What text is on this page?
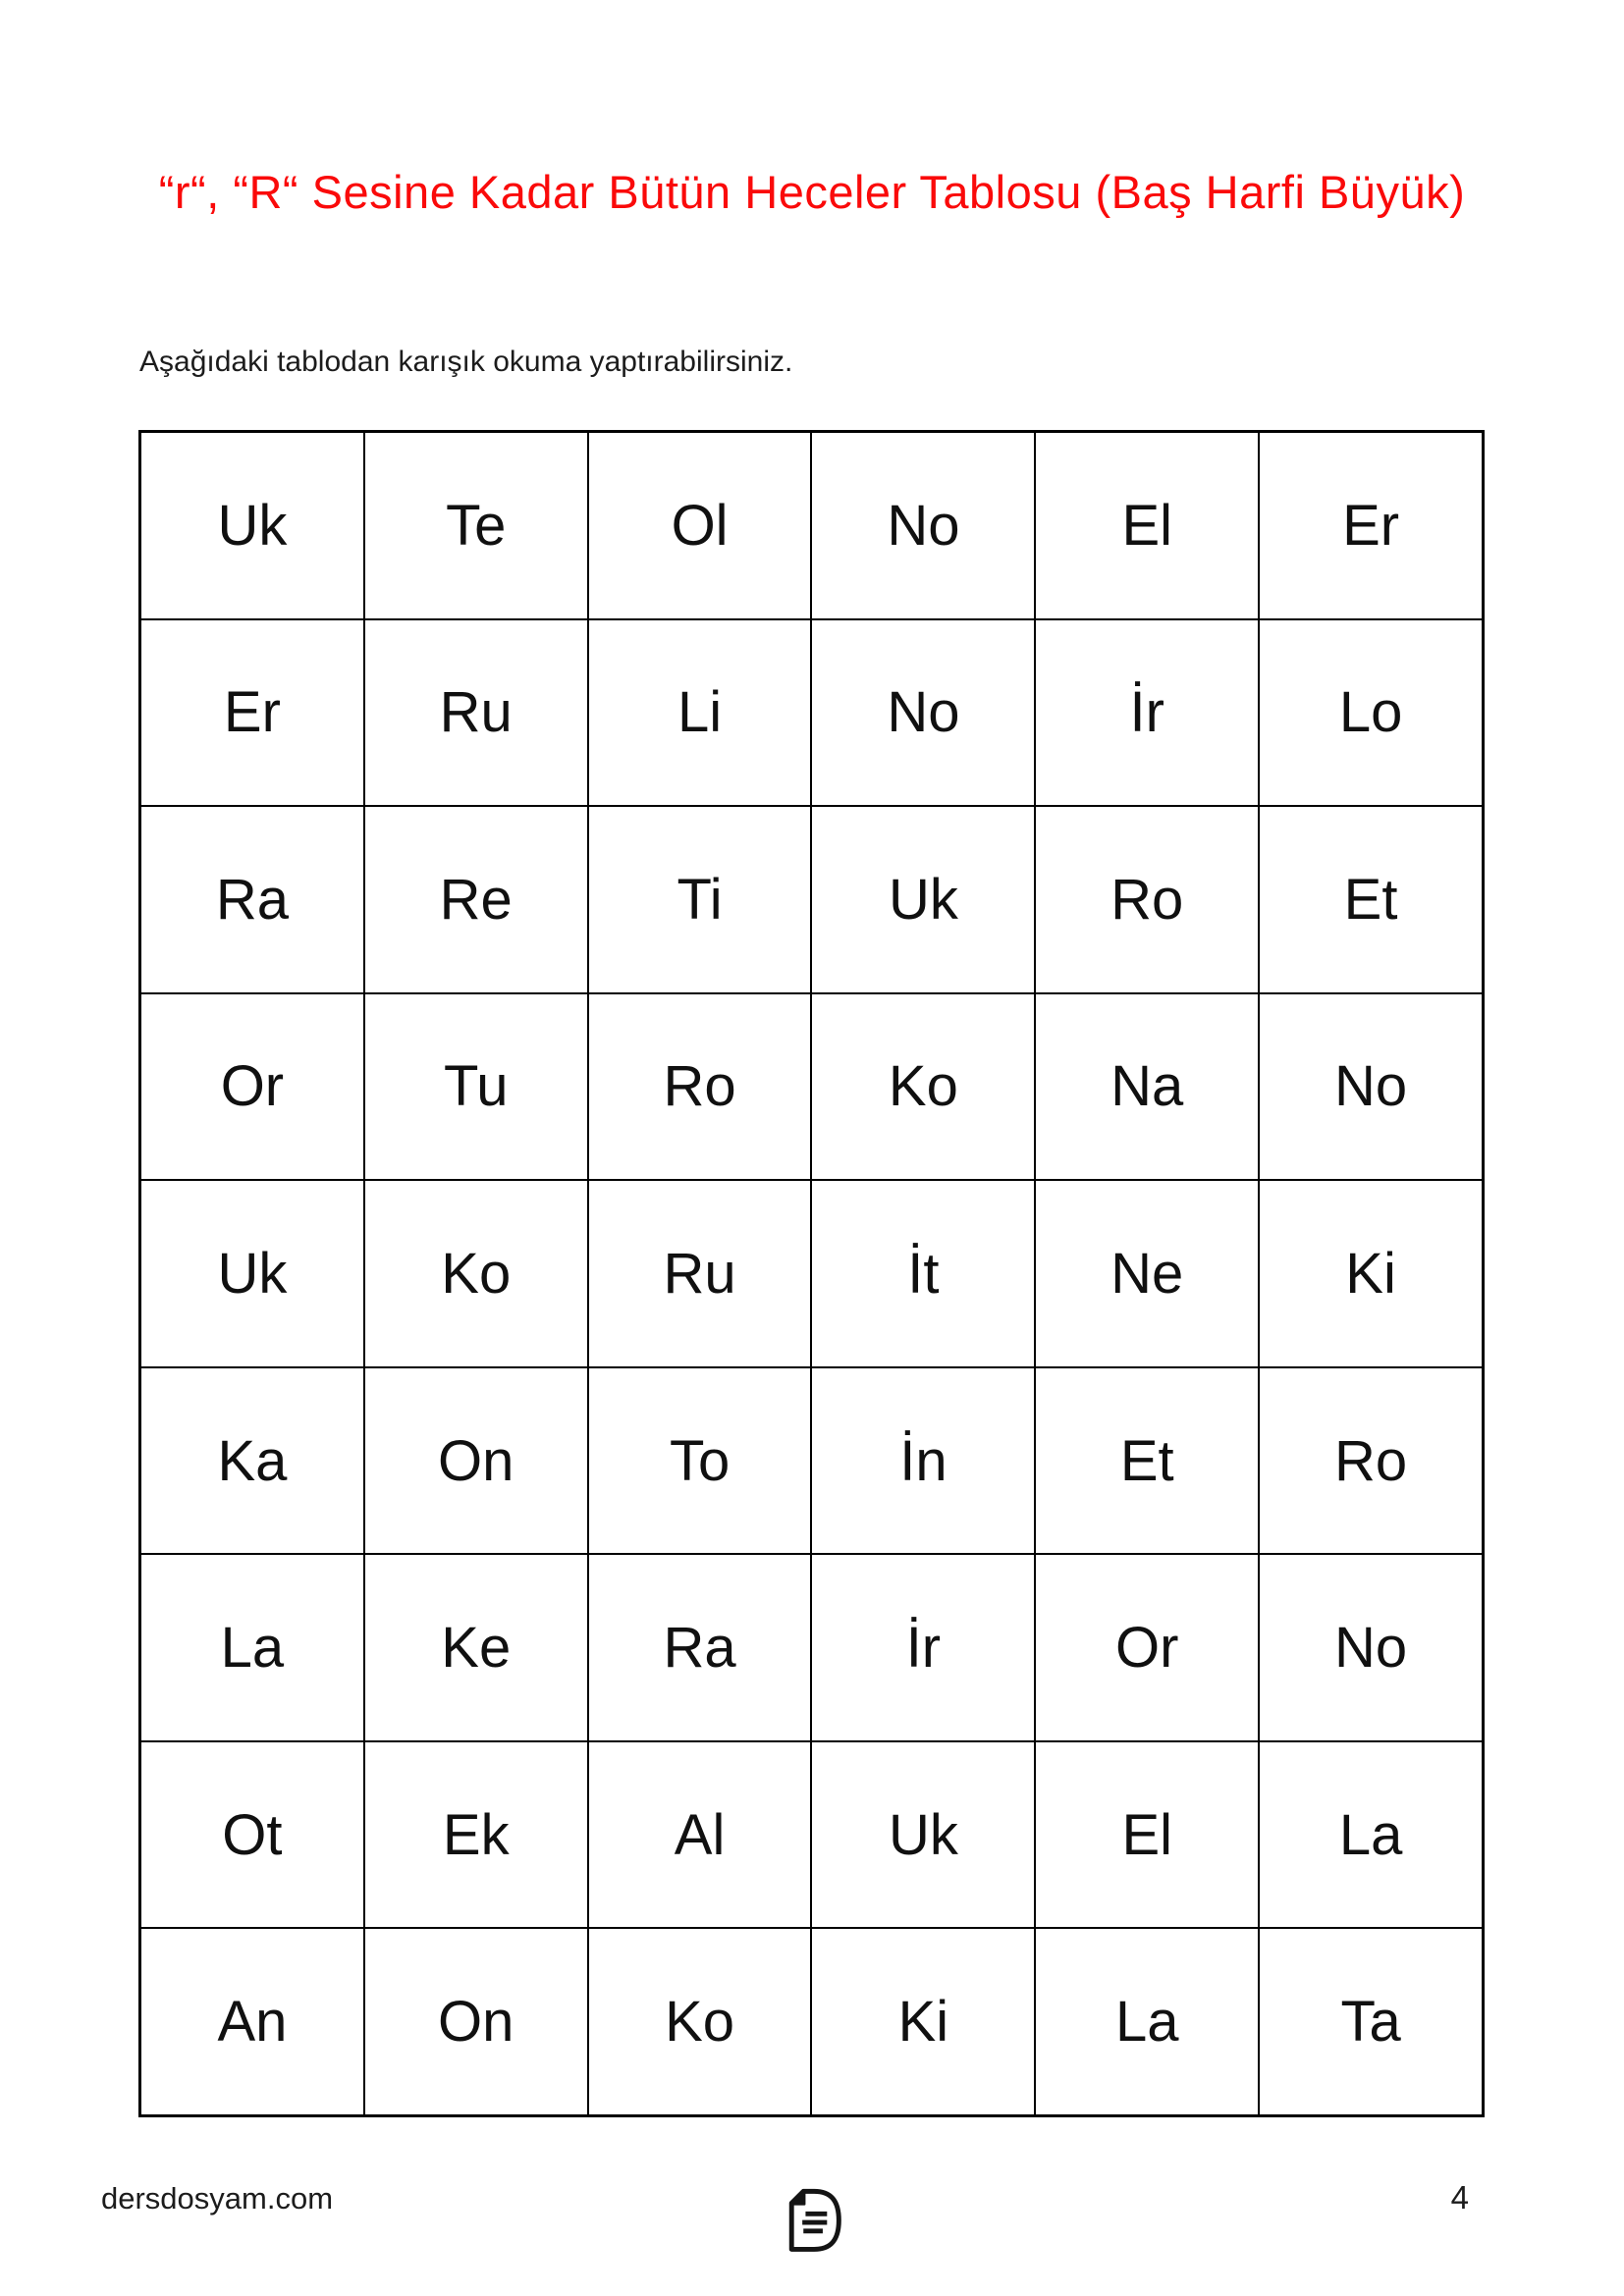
“r“, “R“ Sesine Kadar Bütün Heceler Tablosu (Baş Harfi Büyük)

Aşağıdaki tablodan karışık okuma yaptırabilirsiniz.

Uk	Te	Ol	No	El	Er
Er	Ru	Li	No	İr	Lo
Ra	Re	Ti	Uk	Ro	Et
Or	Tu	Ro	Ko	Na	No
Uk	Ko	Ru	İt	Ne	Ki
Ka	On	To	İn	Et	Ro
La	Ke	Ra	İr	Or	No
Ot	Ek	Al	Uk	El	La
An	On	Ko	Ki	La	Ta
dersdosyam.com	4
